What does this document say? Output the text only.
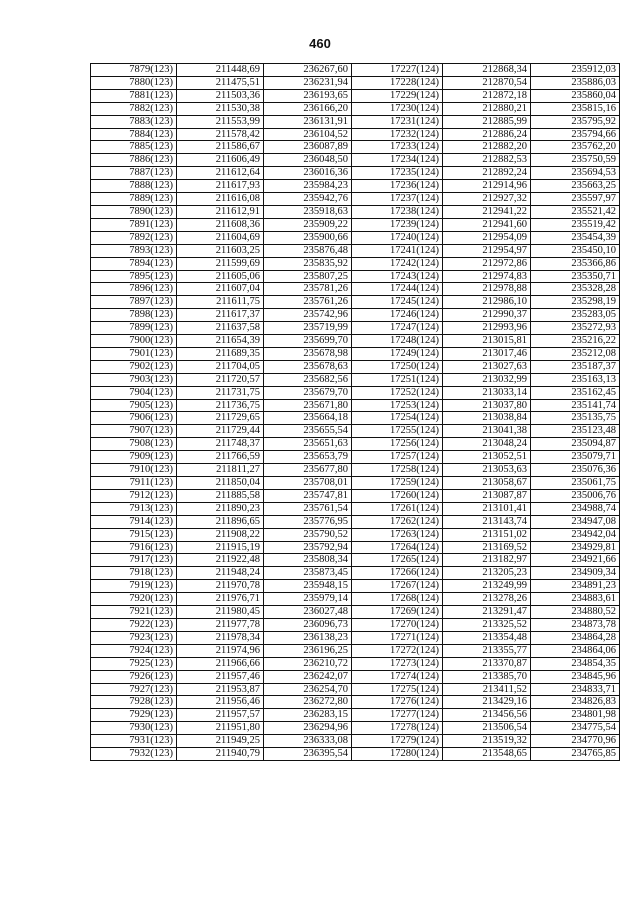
460
7879(123)	211448,69	236267,60	17227(124)	212868,34	235912,03
7880(123)	211475,51	236231,94	17228(124)	212870,54	235886,03
7881(123)	211503,36	236193,65	17229(124)	212872,18	235860,04
7882(123)	211530,38	236166,20	17230(124)	212880,21	235815,16
7883(123)	211553,99	236131,91	17231(124)	212885,99	235795,92
7884(123)	211578,42	236104,52	17232(124)	212886,24	235794,66
7885(123)	211586,67	236087,89	17233(124)	212882,20	235762,20
7886(123)	211606,49	236048,50	17234(124)	212882,53	235750,59
7887(123)	211612,64	236016,36	17235(124)	212892,24	235694,53
7888(123)	211617,93	235984,23	17236(124)	212914,96	235663,25
7889(123)	211616,08	235942,76	17237(124)	212927,32	235597,97
7890(123)	211612,91	235918,63	17238(124)	212941,22	235521,42
7891(123)	211608,36	235909,22	17239(124)	212941,60	235519,42
7892(123)	211604,69	235900,66	17240(124)	212954,09	235454,39
7893(123)	211603,25	235876,48	17241(124)	212954,97	235450,10
7894(123)	211599,69	235835,92	17242(124)	212972,86	235366,86
7895(123)	211605,06	235807,25	17243(124)	212974,83	235350,71
7896(123)	211607,04	235781,26	17244(124)	212978,88	235328,28
7897(123)	211611,75	235761,26	17245(124)	212986,10	235298,19
7898(123)	211617,37	235742,96	17246(124)	212990,37	235283,05
7899(123)	211637,58	235719,99	17247(124)	212993,96	235272,93
7900(123)	211654,39	235699,70	17248(124)	213015,81	235216,22
7901(123)	211689,35	235678,98	17249(124)	213017,46	235212,08
7902(123)	211704,05	235678,63	17250(124)	213027,63	235187,37
7903(123)	211720,57	235682,56	17251(124)	213032,99	235163,13
7904(123)	211731,75	235679,70	17252(124)	213033,14	235162,45
7905(123)	211736,75	235671,80	17253(124)	213037,80	235141,74
7906(123)	211729,65	235664,18	17254(124)	213038,84	235135,75
7907(123)	211729,44	235655,54	17255(124)	213041,38	235123,48
7908(123)	211748,37	235651,63	17256(124)	213048,24	235094,87
7909(123)	211766,59	235653,79	17257(124)	213052,51	235079,71
7910(123)	211811,27	235677,80	17258(124)	213053,63	235076,36
7911(123)	211850,04	235708,01	17259(124)	213058,67	235061,75
7912(123)	211885,58	235747,81	17260(124)	213087,87	235006,76
7913(123)	211890,23	235761,54	17261(124)	213101,41	234988,74
7914(123)	211896,65	235776,95	17262(124)	213143,74	234947,08
7915(123)	211908,22	235790,52	17263(124)	213151,02	234942,04
7916(123)	211915,19	235792,94	17264(124)	213169,52	234929,81
7917(123)	211922,48	235808,34	17265(124)	213182,97	234921,66
7918(123)	211948,24	235873,45	17266(124)	213205,23	234909,34
7919(123)	211970,78	235948,15	17267(124)	213249,99	234891,23
7920(123)	211976,71	235979,14	17268(124)	213278,26	234883,61
7921(123)	211980,45	236027,48	17269(124)	213291,47	234880,52
7922(123)	211977,78	236096,73	17270(124)	213325,52	234873,78
7923(123)	211978,34	236138,23	17271(124)	213354,48	234864,28
7924(123)	211974,96	236196,25	17272(124)	213355,77	234864,06
7925(123)	211966,66	236210,72	17273(124)	213370,87	234854,35
7926(123)	211957,46	236242,07	17274(124)	213385,70	234845,96
7927(123)	211953,87	236254,70	17275(124)	213411,52	234833,71
7928(123)	211956,46	236272,80	17276(124)	213429,16	234826,83
7929(123)	211957,57	236283,15	17277(124)	213456,56	234801,98
7930(123)	211951,80	236294,96	17278(124)	213506,54	234775,54
7931(123)	211949,25	236333,08	17279(124)	213519,32	234770,96
7932(123)	211940,79	236395,54	17280(124)	213548,65	234765,85
